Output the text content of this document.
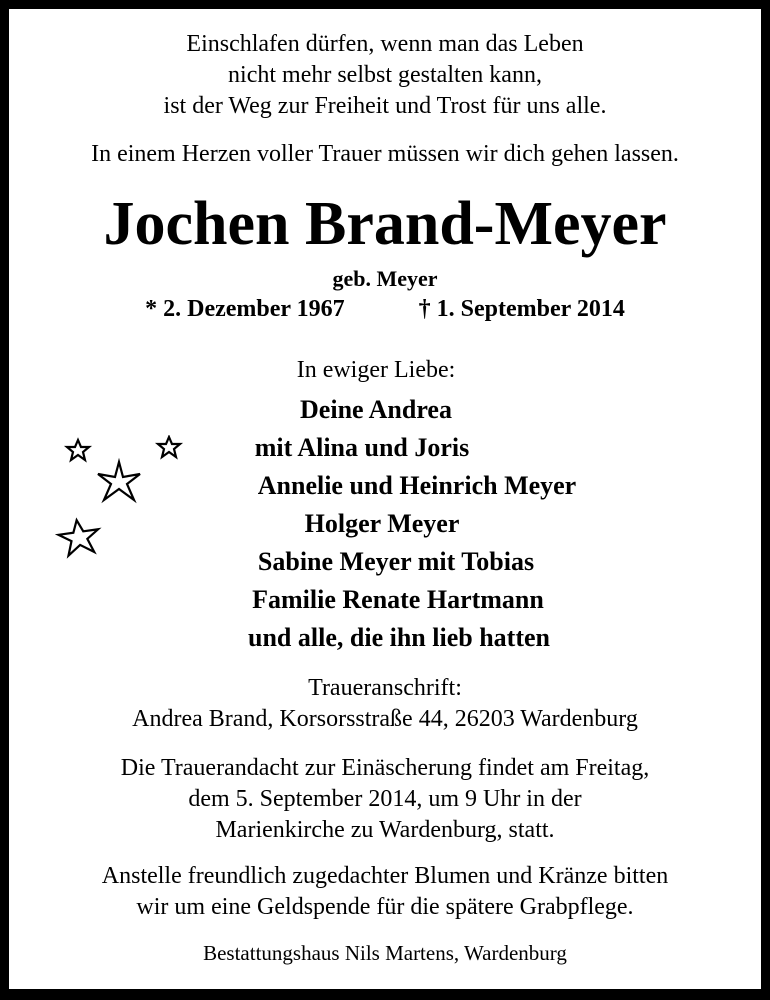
Einschlafen dürfen, wenn man das Leben
nicht mehr selbst gestalten kann,
ist der Weg zur Freiheit und Trost für uns alle.
In einem Herzen voller Trauer müssen wir dich gehen lassen.
Jochen Brand-Meyer
geb. Meyer
* 2. Dezember 1967	† 1. September 2014
In ewiger Liebe:
Deine Andrea
mit Alina und Joris
Annelie und Heinrich Meyer
Holger Meyer
Sabine Meyer mit Tobias
Familie Renate Hartmann
und alle, die ihn lieb hatten
Traueranschrift:
Andrea Brand, Korsorsstraße 44, 26203 Wardenburg
Die Trauerandacht zur Einäscherung findet am Freitag,
dem 5. September 2014, um 9 Uhr in der
Marienkirche zu Wardenburg, statt.
Anstelle freundlich zugedachter Blumen und Kränze bitten
wir um eine Geldspende für die spätere Grabpflege.
Bestattungshaus Nils Martens, Wardenburg
